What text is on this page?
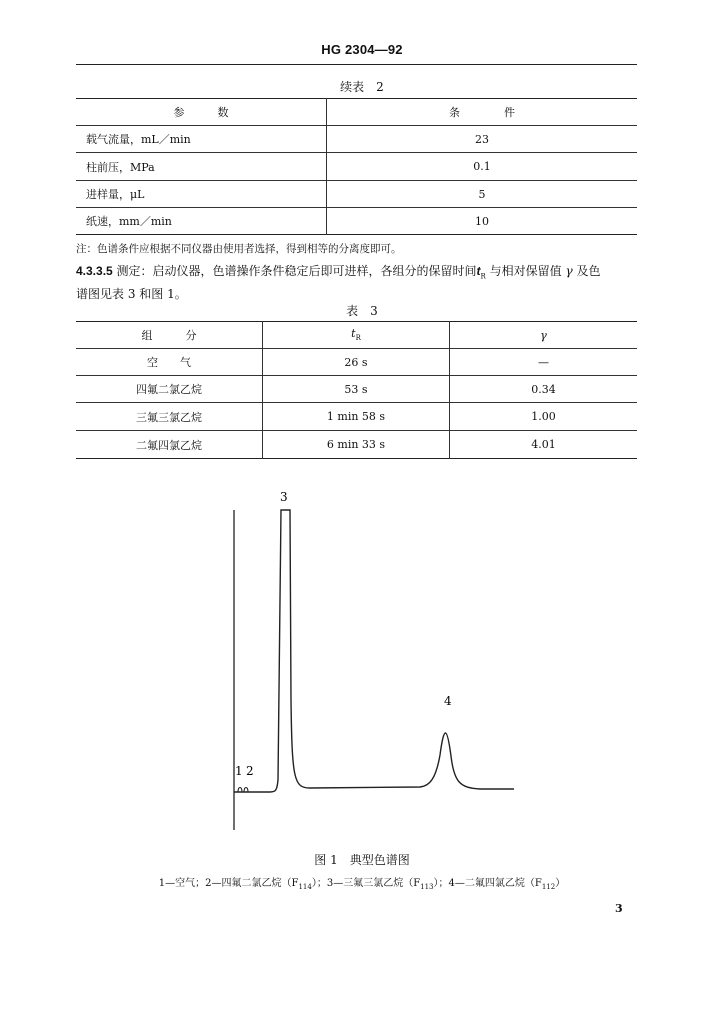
HG 2304—92
续表　2
参　　　数	条　　　　件
载气流量，mL／min	23
柱前压，MPa	0.1
进样量，μL	5
纸速，mm／min	10
注：色谱条件应根据不同仪器由使用者选择，得到相等的分离度即可。
4.3.3.5 测定：启动仪器，色谱操作条件稳定后即可进样，各组分的保留时间$t_R$ 与相对保留值 γ 及色
谱图见表 3 和图 1。
表　3
组　　　分	$t_R$	γ
空　　气	26 s	—
四氟二氯乙烷	53 s	0.34
三氟三氯乙烷	1 min 58 s	1.00
二氟四氯乙烷	6 min 33 s	4.01
1 2
3
4
图 1　典型色谱图
1—空气；2—四氟二氯乙烷$(F_{114})$；3—三氟三氯乙烷$(F_{113})$；4—二氟四氯乙烷$(F_{112})$
3
